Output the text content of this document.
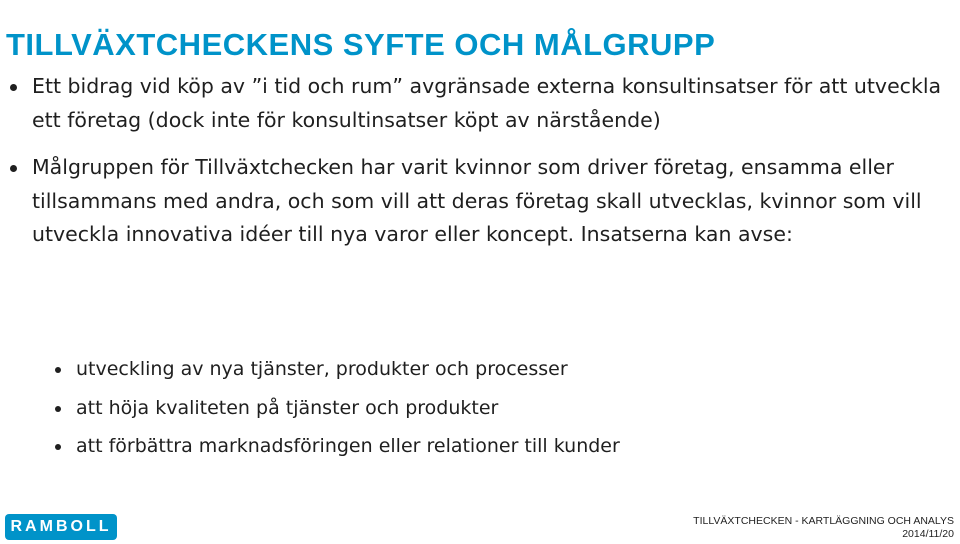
TILLVÄXTCHECKENS SYFTE OCH MÅLGRUPP
Ett bidrag vid köp av ”i tid och rum” avgränsade externa konsultinsatser för att utveckla ett företag (dock inte för konsultinsatser köpt av närstående)
Målgruppen för Tillväxtchecken har varit kvinnor som driver företag, ensamma eller tillsammans med andra, och som vill att deras företag skall utvecklas, kvinnor som vill utveckla innovativa idéer till nya varor eller koncept. Insatserna kan avse:
utveckling av nya tjänster, produkter och processer
att höja kvaliteten på tjänster och produkter
att förbättra marknadsföringen eller relationer till kunder
RAMBOLL	TILLVÄXTCHECKEN - KARTLÄGGNING OCH ANALYS
2014/11/20
